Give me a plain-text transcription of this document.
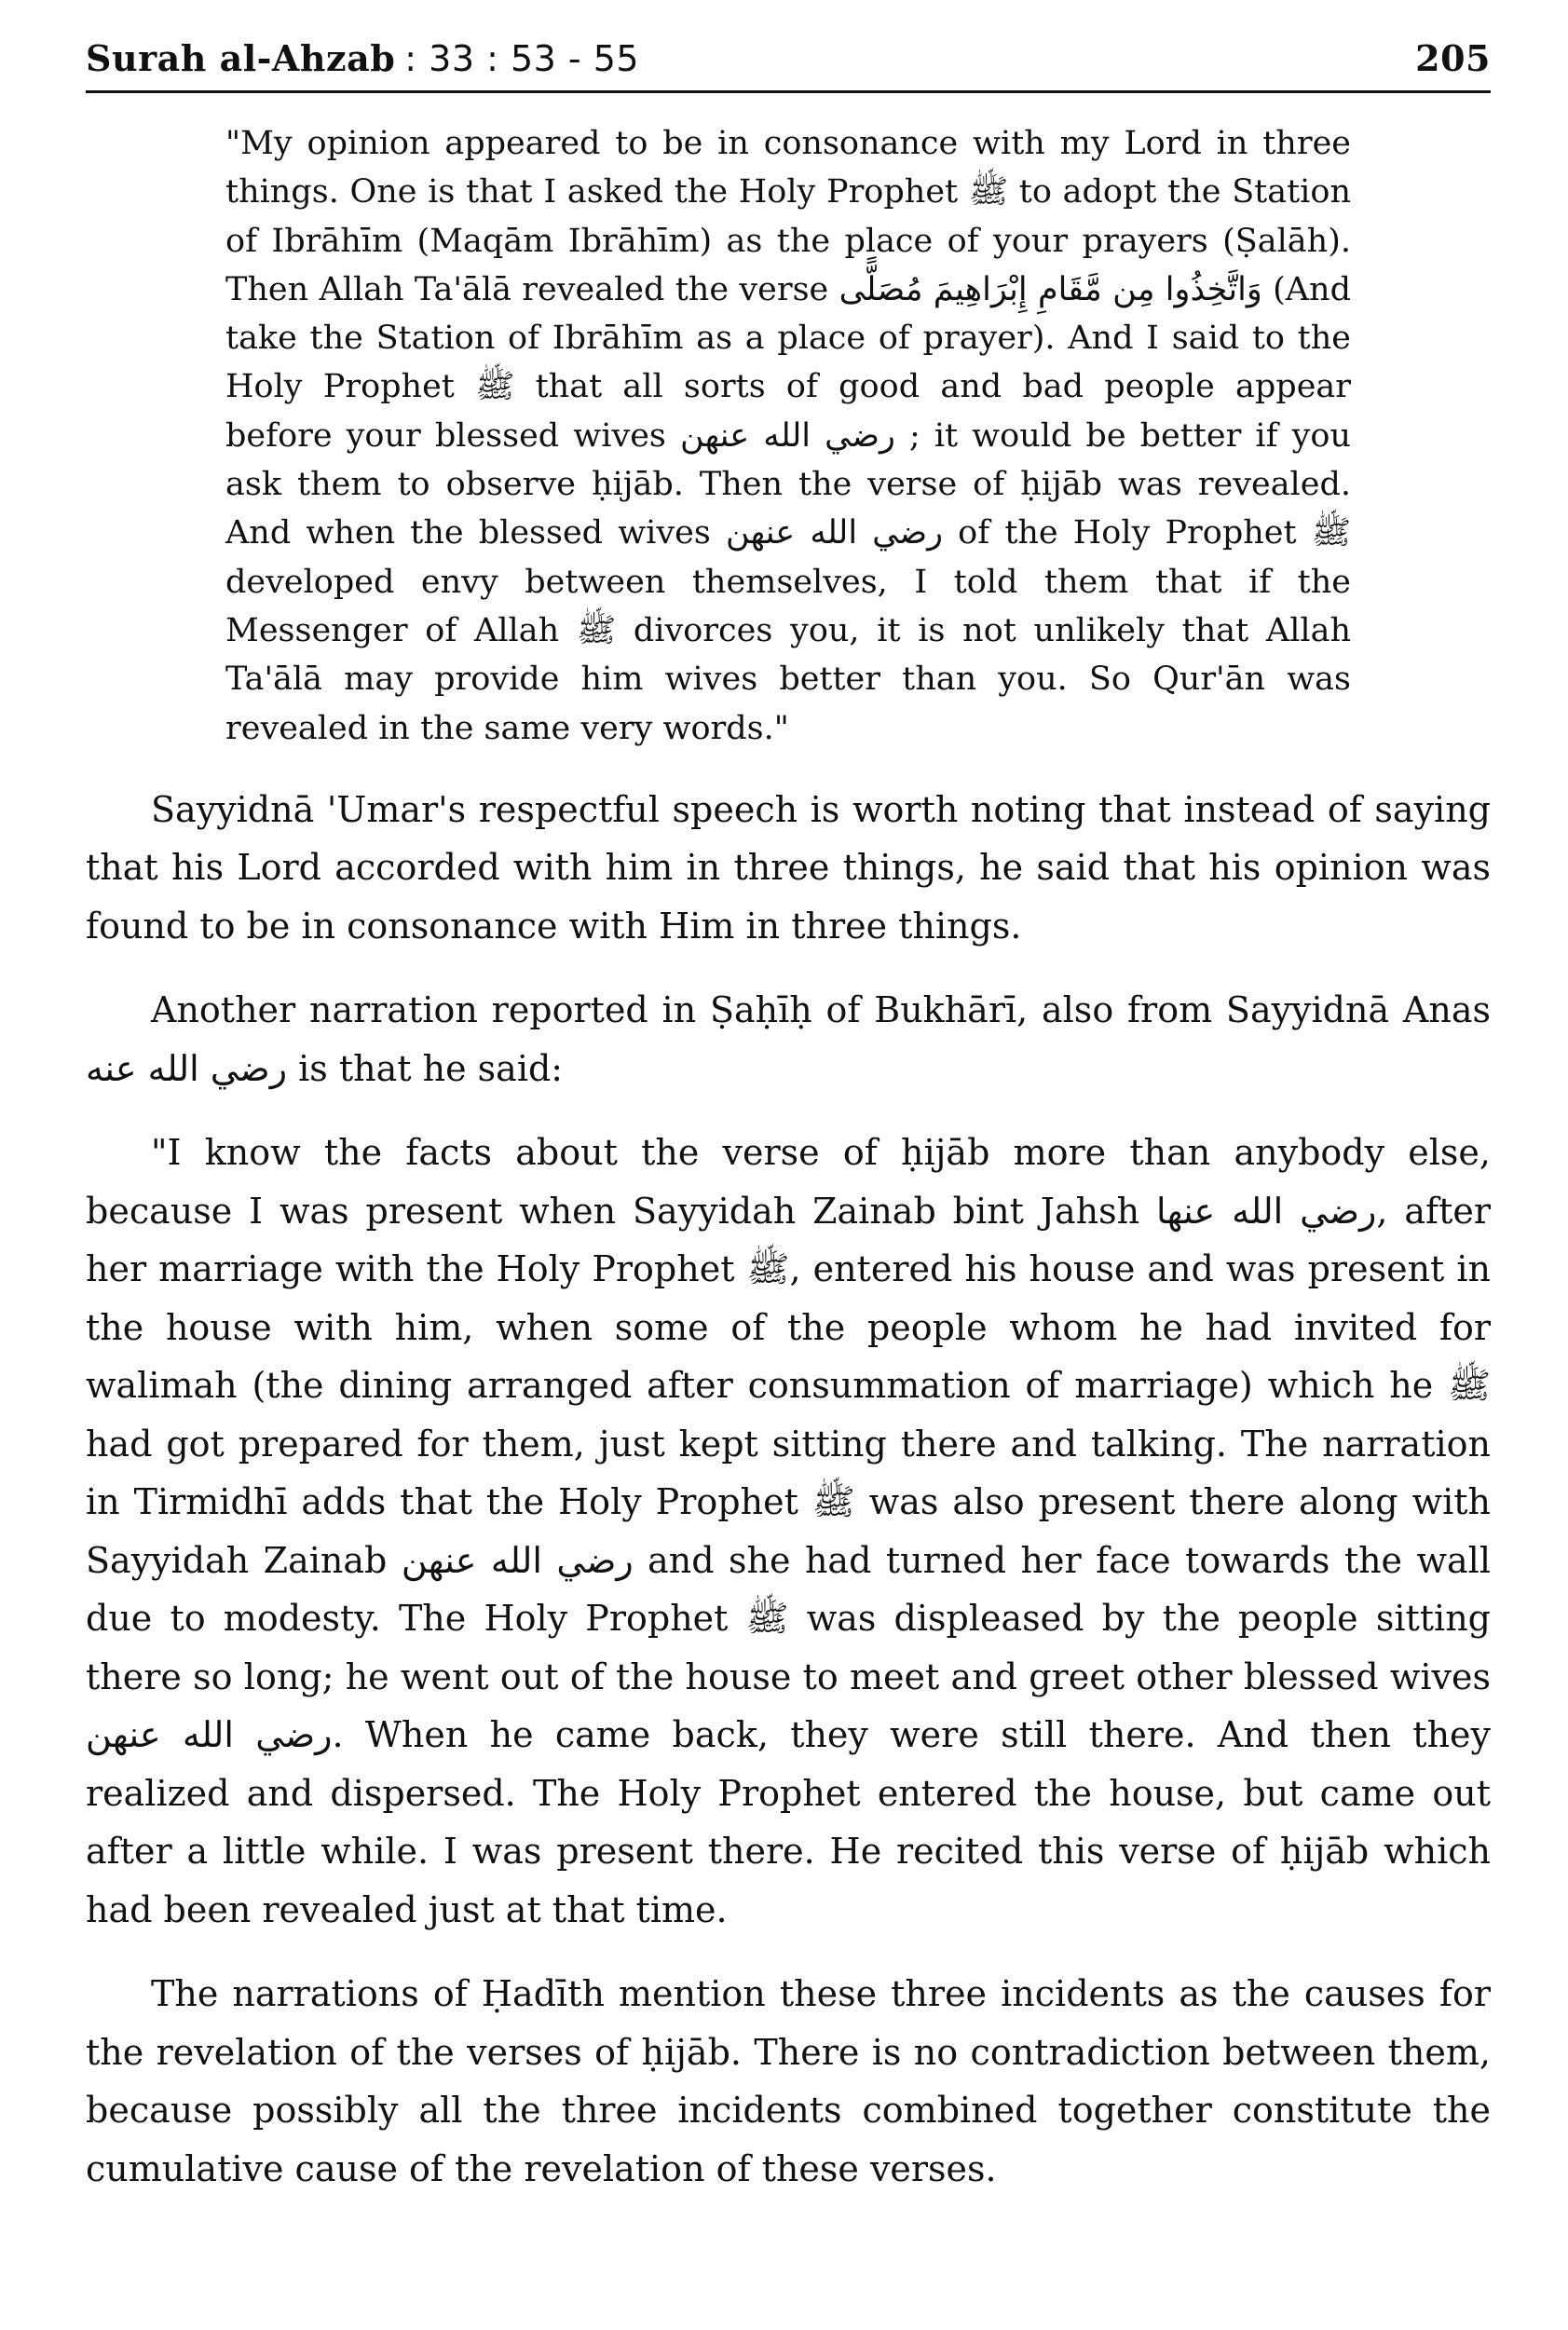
Surah al-Ahzab : 33 : 53 - 55	205

"My opinion appeared to be in consonance with my Lord in three things. One is that I asked the Holy Prophet ﷺ to adopt the Station of Ibrāhīm (Maqām Ibrāhīm) as the place of your prayers (Ṣalāh). Then Allah Ta'ālā revealed the verse وَاتَّخِذُوا مِن مَّقَامِ إِبْرَاهِيمَ مُصَلًّى (And take the Station of Ibrāhīm as a place of prayer). And I said to the Holy Prophet ﷺ that all sorts of good and bad people appear before your blessed wives رضي الله عنهن ; it would be better if you ask them to observe ḥijāb. Then the verse of ḥijāb was revealed. And when the blessed wives رضي الله عنهن of the Holy Prophet ﷺ developed envy between themselves, I told them that if the Messenger of Allah ﷺ divorces you, it is not unlikely that Allah Ta'ālā may provide him wives better than you. So Qur'ān was revealed in the same very words."

Sayyidnā 'Umar's respectful speech is worth noting that instead of saying that his Lord accorded with him in three things, he said that his opinion was found to be in consonance with Him in three things.

Another narration reported in Ṣaḥīḥ of Bukhārī, also from Sayyidnā Anas رضي الله عنه is that he said:

"I know the facts about the verse of ḥijāb more than anybody else, because I was present when Sayyidah Zainab bint Jahsh رضي الله عنها, after her marriage with the Holy Prophet ﷺ, entered his house and was present in the house with him, when some of the people whom he had invited for walimah (the dining arranged after consummation of marriage) which he ﷺ had got prepared for them, just kept sitting there and talking. The narration in Tirmidhī adds that the Holy Prophet ﷺ was also present there along with Sayyidah Zainab رضي الله عنهن and she had turned her face towards the wall due to modesty. The Holy Prophet ﷺ was displeased by the people sitting there so long; he went out of the house to meet and greet other blessed wives رضي الله عنهن. When he came back, they were still there. And then they realized and dispersed. The Holy Prophet entered the house, but came out after a little while. I was present there. He recited this verse of ḥijāb which had been revealed just at that time.

The narrations of Ḥadīth mention these three incidents as the causes for the revelation of the verses of ḥijāb. There is no contradiction between them, because possibly all the three incidents combined together constitute the cumulative cause of the revelation of these verses.
